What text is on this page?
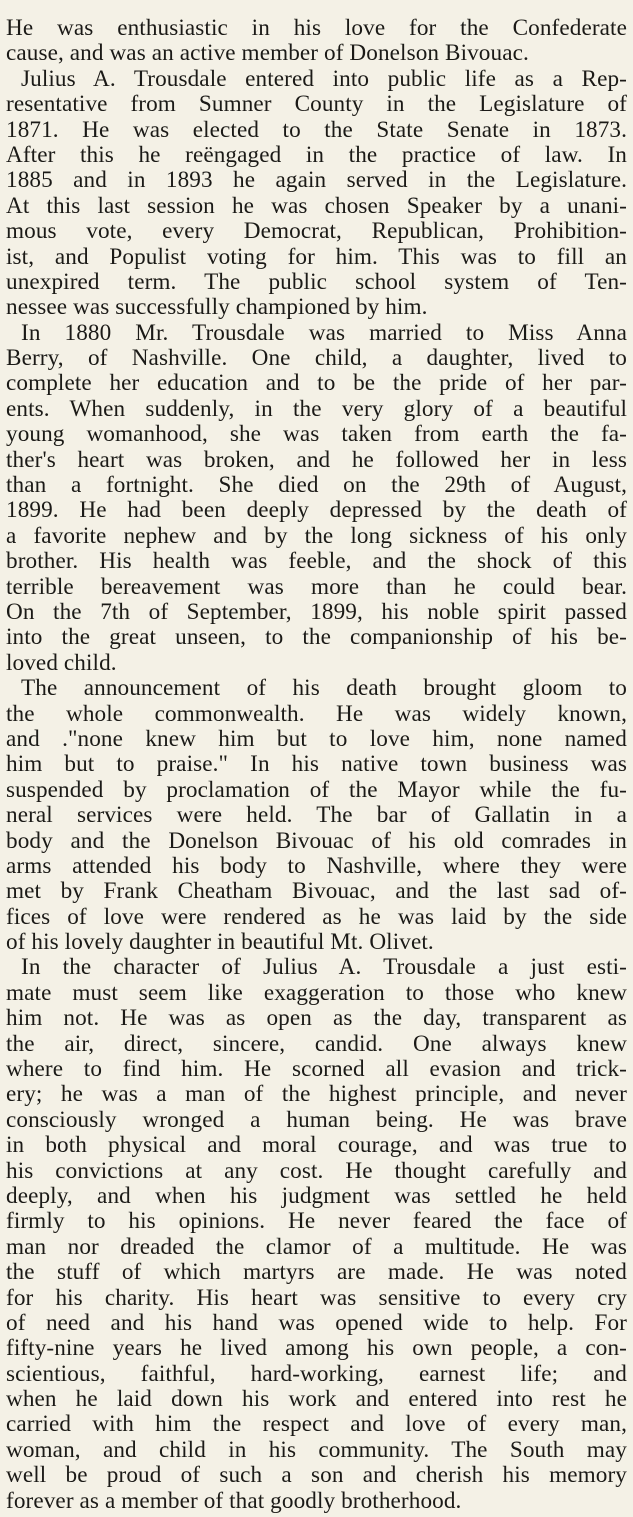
He was enthusiastic in his love for the Confederate
cause, and was an active member of Donelson Bivouac.
Julius A. Trousdale entered into public life as a Rep-
resentative from Sumner County in the Legislature of
1871. He was elected to the State Senate in 1873.
After this he reëngaged in the practice of law. In
1885 and in 1893 he again served in the Legislature.
At this last session he was chosen Speaker by a unani-
mous vote, every Democrat, Republican, Prohibition-
ist, and Populist voting for him. This was to fill an
unexpired term. The public school system of Ten-
nessee was successfully championed by him.
In 1880 Mr. Trousdale was married to Miss Anna
Berry, of Nashville. One child, a daughter, lived to
complete her education and to be the pride of her par-
ents. When suddenly, in the very glory of a beautiful
young womanhood, she was taken from earth the fa-
ther's heart was broken, and he followed her in less
than a fortnight. She died on the 29th of August,
1899. He had been deeply depressed by the death of
a favorite nephew and by the long sickness of his only
brother. His health was feeble, and the shock of this
terrible bereavement was more than he could bear.
On the 7th of September, 1899, his noble spirit passed
into the great unseen, to the companionship of his be-
loved child.
The announcement of his death brought gloom to
the whole commonwealth. He was widely known,
and ."none knew him but to love him, none named
him but to praise." In his native town business was
suspended by proclamation of the Mayor while the fu-
neral services were held. The bar of Gallatin in a
body and the Donelson Bivouac of his old comrades in
arms attended his body to Nashville, where they were
met by Frank Cheatham Bivouac, and the last sad of-
fices of love were rendered as he was laid by the side
of his lovely daughter in beautiful Mt. Olivet.
In the character of Julius A. Trousdale a just esti-
mate must seem like exaggeration to those who knew
him not. He was as open as the day, transparent as
the air, direct, sincere, candid. One always knew
where to find him. He scorned all evasion and trick-
ery; he was a man of the highest principle, and never
consciously wronged a human being. He was brave
in both physical and moral courage, and was true to
his convictions at any cost. He thought carefully and
deeply, and when his judgment was settled he held
firmly to his opinions. He never feared the face of
man nor dreaded the clamor of a multitude. He was
the stuff of which martyrs are made. He was noted
for his charity. His heart was sensitive to every cry
of need and his hand was opened wide to help. For
fifty-nine years he lived among his own people, a con-
scientious, faithful, hard-working, earnest life; and
when he laid down his work and entered into rest he
carried with him the respect and love of every man,
woman, and child in his community. The South may
well be proud of such a son and cherish his memory
forever as a member of that goodly brotherhood.
